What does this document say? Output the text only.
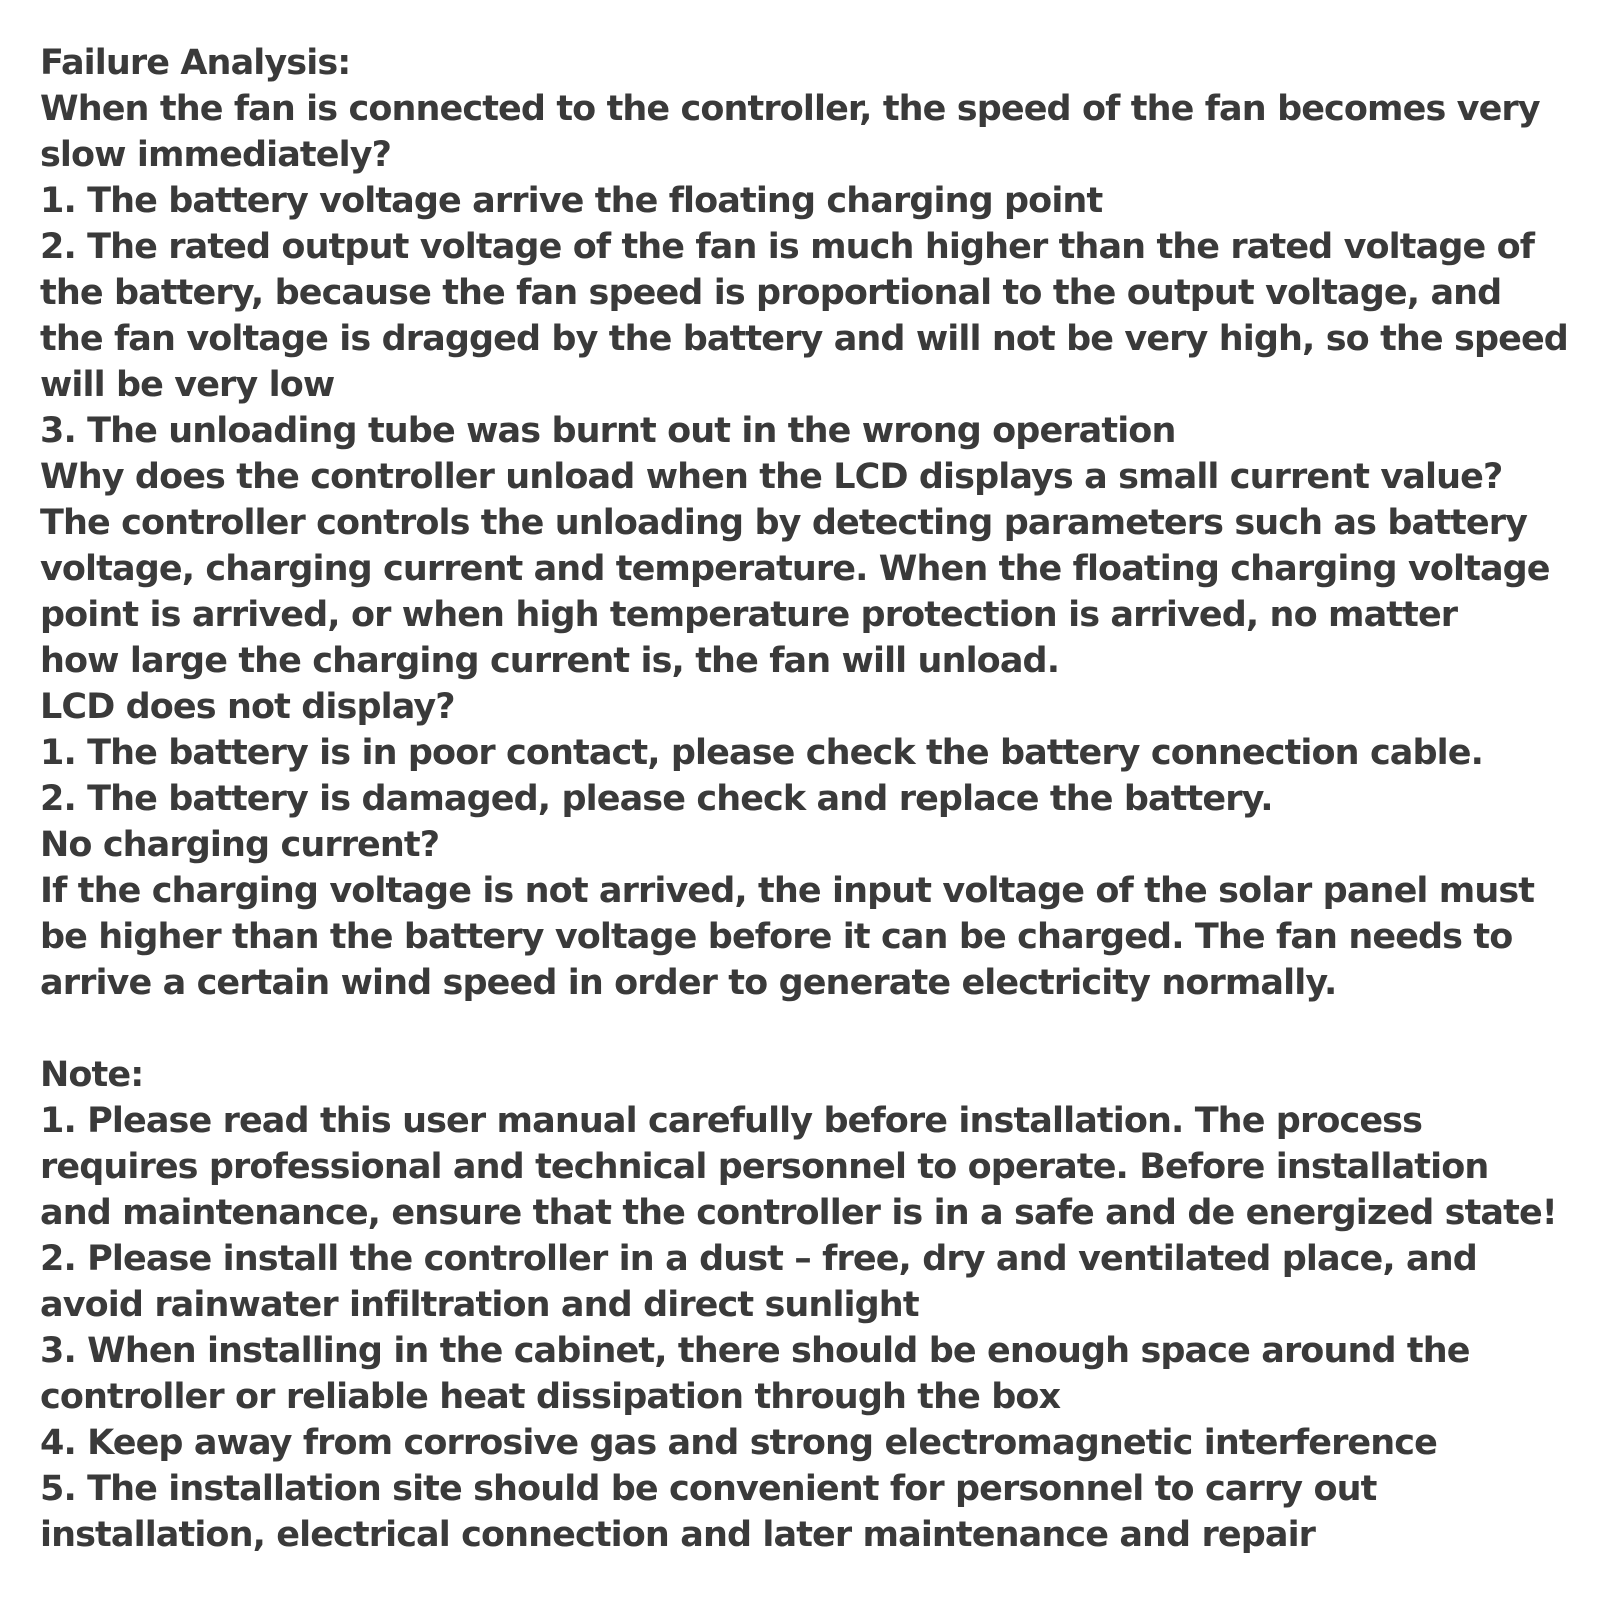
Failure Analysis:
When the fan is connected to the controller, the speed of the fan becomes very
slow immediately?
1. The battery voltage arrive the floating charging point
2. The rated output voltage of the fan is much higher than the rated voltage of
the battery, because the fan speed is proportional to the output voltage, and
the fan voltage is dragged by the battery and will not be very high, so the speed
will be very low
3. The unloading tube was burnt out in the wrong operation
Why does the controller unload when the LCD displays a small current value?
The controller controls the unloading by detecting parameters such as battery
voltage, charging current and temperature. When the floating charging voltage
point is arrived, or when high temperature protection is arrived, no matter
how large the charging current is, the fan will unload.
LCD does not display?
1. The battery is in poor contact, please check the battery connection cable.
2. The battery is damaged, please check and replace the battery.
No charging current?
If the charging voltage is not arrived, the input voltage of the solar panel must
be higher than the battery voltage before it can be charged. The fan needs to
arrive a certain wind speed in order to generate electricity normally.
Note:
1. Please read this user manual carefully before installation. The process
requires professional and technical personnel to operate. Before installation
and maintenance, ensure that the controller is in a safe and de energized state!
2. Please install the controller in a dust – free, dry and ventilated place, and
avoid rainwater infiltration and direct sunlight
3. When installing in the cabinet, there should be enough space around the
controller or reliable heat dissipation through the box
4. Keep away from corrosive gas and strong electromagnetic interference
5. The installation site should be convenient for personnel to carry out
installation, electrical connection and later maintenance and repair
